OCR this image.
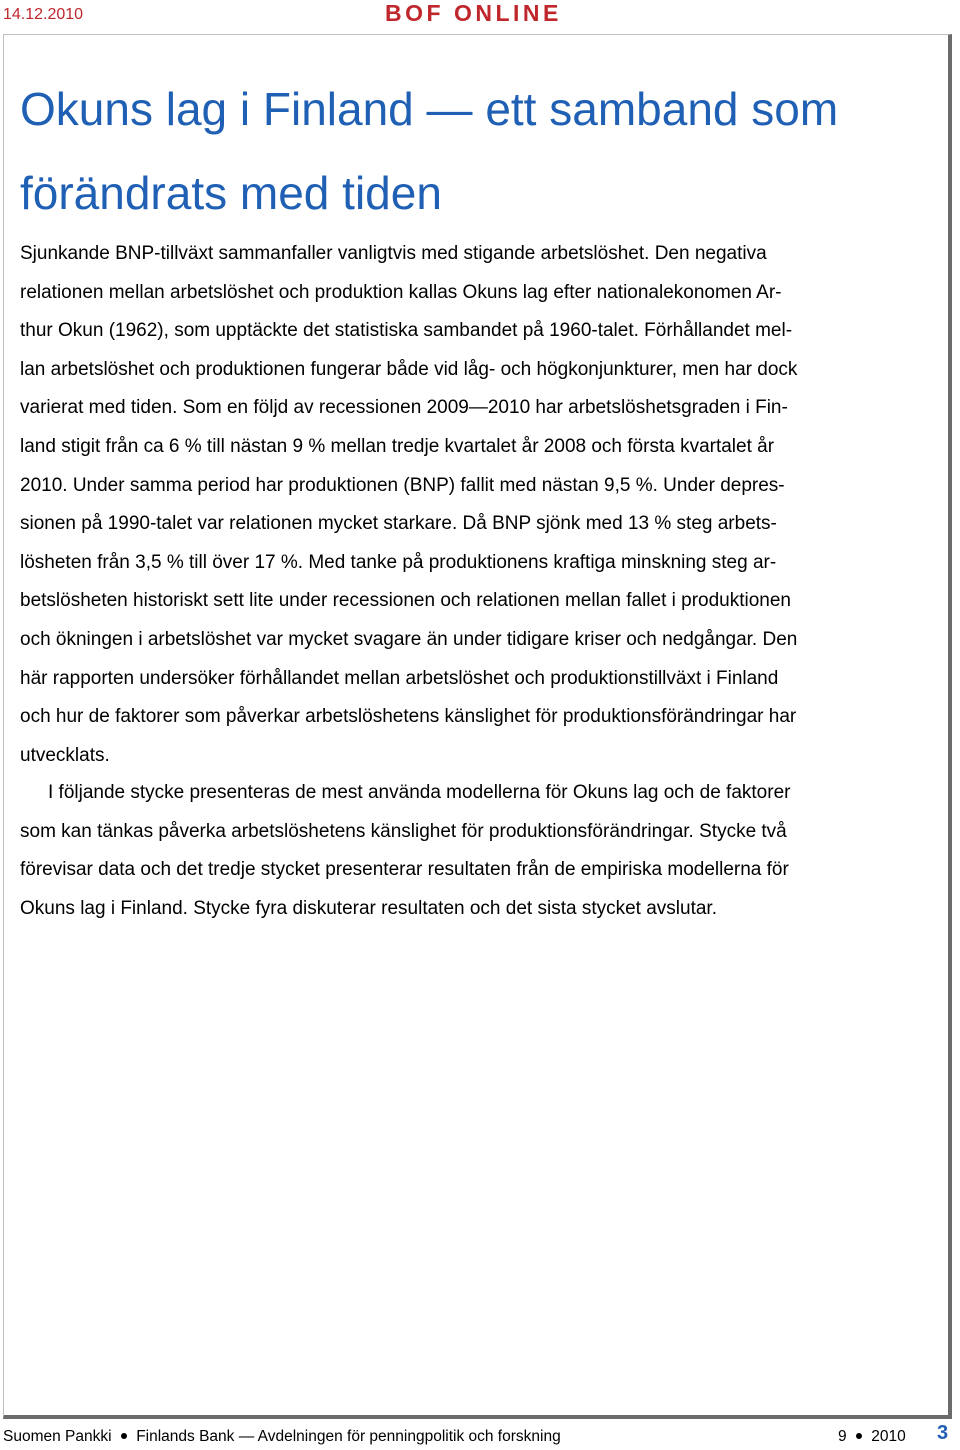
14.12.2010	BOF ONLINE
Okuns lag i Finland — ett samband som
förändrats med tiden

Sjunkande BNP-tillväxt sammanfaller vanligtvis med stigande arbetslöshet. Den negativa
relationen mellan arbetslöshet och produktion kallas Okuns lag efter nationalekonomen Ar-
thur Okun (1962), som upptäckte det statistiska sambandet på 1960-talet. Förhållandet mel-
lan arbetslöshet och produktionen fungerar både vid låg- och högkonjunkturer, men har dock
varierat med tiden. Som en följd av recessionen 2009—2010 har arbetslöshetsgraden i Fin-
land stigit från ca 6 % till nästan 9 % mellan tredje kvartalet år 2008 och första kvartalet år
2010. Under samma period har produktionen (BNP) fallit med nästan 9,5 %. Under depres-
sionen på 1990-talet var relationen mycket starkare. Då BNP sjönk med 13 % steg arbets-
lösheten från 3,5 % till över 17 %. Med tanke på produktionens kraftiga minskning steg ar-
betslösheten historiskt sett lite under recessionen och relationen mellan fallet i produktionen
och ökningen i arbetslöshet var mycket svagare än under tidigare kriser och nedgångar. Den
här rapporten undersöker förhållandet mellan arbetslöshet och produktionstillväxt i Finland
och hur de faktorer som påverkar arbetslöshetens känslighet för produktionsförändringar har
utvecklats.

I följande stycke presenteras de mest använda modellerna för Okuns lag och de faktorer
som kan tänkas påverka arbetslöshetens känslighet för produktionsförändringar. Stycke två
förevisar data och det tredje stycket presenterar resultaten från de empiriska modellerna för
Okuns lag i Finland. Stycke fyra diskuterar resultaten och det sista stycket avslutar.

Suomen Pankki Finlands Bank — Avdelningen för penningpolitik och forskning	9 2010 3
